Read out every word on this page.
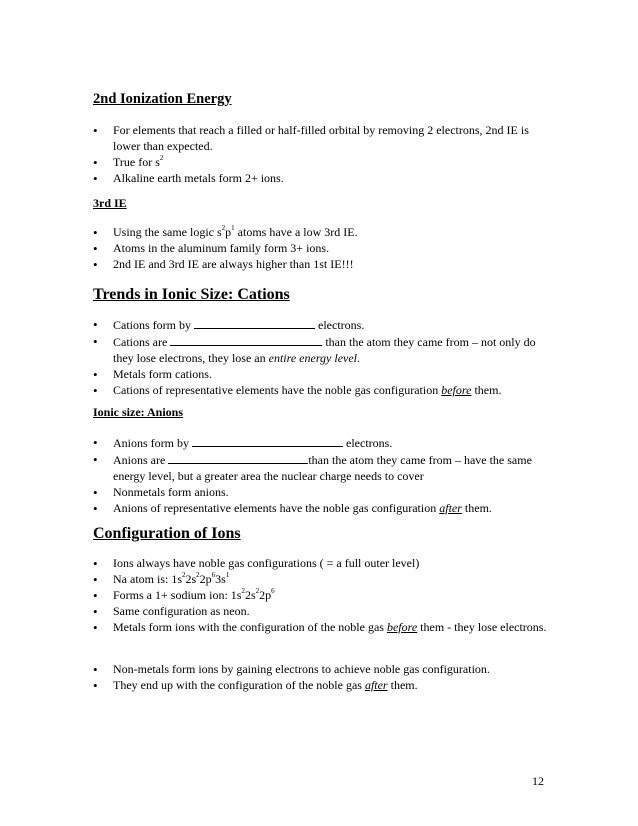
2nd Ionization Energy
• For elements that reach a filled or half-filled orbital by removing 2 electrons, 2nd IE is lower than expected.
• True for $s^2$
• Alkaline earth metals form 2+ ions.
3rd IE
• Using the same logic $s^2p^1$ atoms have a low 3rd IE.
• Atoms in the aluminum family form 3+ ions.
• 2nd IE and 3rd IE are always higher than 1st IE!!!
Trends in Ionic Size: Cations
• Cations form by	electrons.
• Cations are	than the atom they came from – not only do they lose electrons, they lose an entire energy level.
• Metals form cations.
• Cations of representative elements have the noble gas configuration before them.
Ionic size: Anions
• Anions form by	electrons.
• Anions are	than the atom they came from – have the same energy level, but a greater area the nuclear charge needs to cover
• Nonmetals form anions.
• Anions of representative elements have the noble gas configuration after them.
Configuration of Ions
• Ions always have noble gas configurations ( = a full outer level)
• Na atom is: $1s^22s^22p^63s^1$
• Forms a 1+ sodium ion: $1s^22s^22p^6$
• Same configuration as neon.
• Metals form ions with the configuration of the noble gas before them - they lose electrons.
• Non-metals form ions by gaining electrons to achieve noble gas configuration.
• They end up with the configuration of the noble gas after them.
12
